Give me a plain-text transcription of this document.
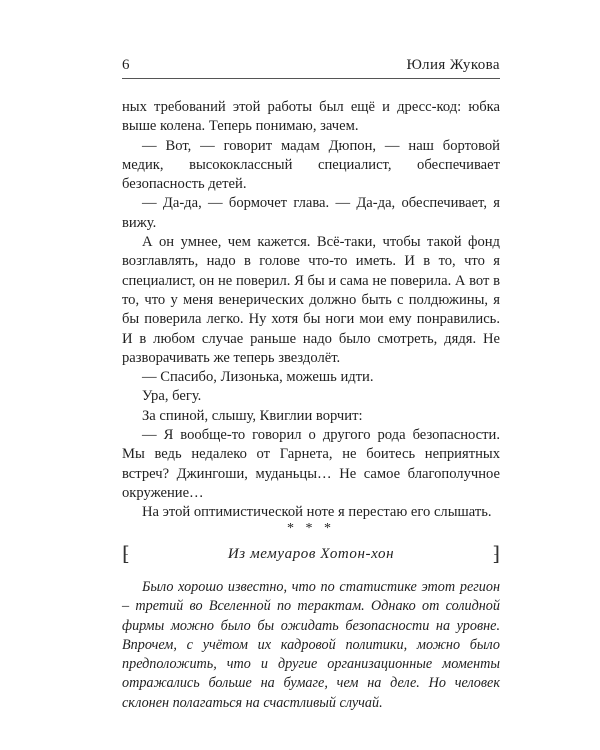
6	Юлия Жукова

ных требований этой работы был ещё и дресс-код: юбка выше колена. Теперь понимаю, зачем.

— Вот, — говорит мадам Дюпон, — наш бортовой медик, высококлассный специалист, обеспечивает безопасность детей.

— Да-да, — бормочет глава. — Да-да, обеспечивает, я вижу.

А он умнее, чем кажется. Всё-таки, чтобы такой фонд возглавлять, надо в голове что-то иметь. И в то, что я специалист, он не поверил. Я бы и сама не поверила. А вот в то, что у меня венерических должно быть с полдюжины, я бы поверила легко. Ну хотя бы ноги мои ему понравились. И в любом случае раньше надо было смотреть, дядя. Не разворачивать же теперь звездолёт.

— Спасибо, Лизонька, можешь идти.

Ура, бегу.

За спиной, слышу, Квиглии ворчит:

— Я вообще-то говорил о другого рода безопасности. Мы ведь недалеко от Гарнета, не боитесь неприятных встреч? Джингоши, муданьцы… Не самое благополучное окружение…

На этой оптимистической ноте я перестаю его слышать.

* * *
⁅	Из мемуаров Хотон-хон	⁆

Было хорошо известно, что по статистике этот регион – третий во Вселенной по терактам. Однако от солидной фирмы можно было бы ожидать безопасности на уровне. Впрочем, с учётом их кадровой политики, можно было предположить, что и другие организационные моменты отражались больше на бумаге, чем на деле. Но человек склонен полагаться на счастливый случай.
